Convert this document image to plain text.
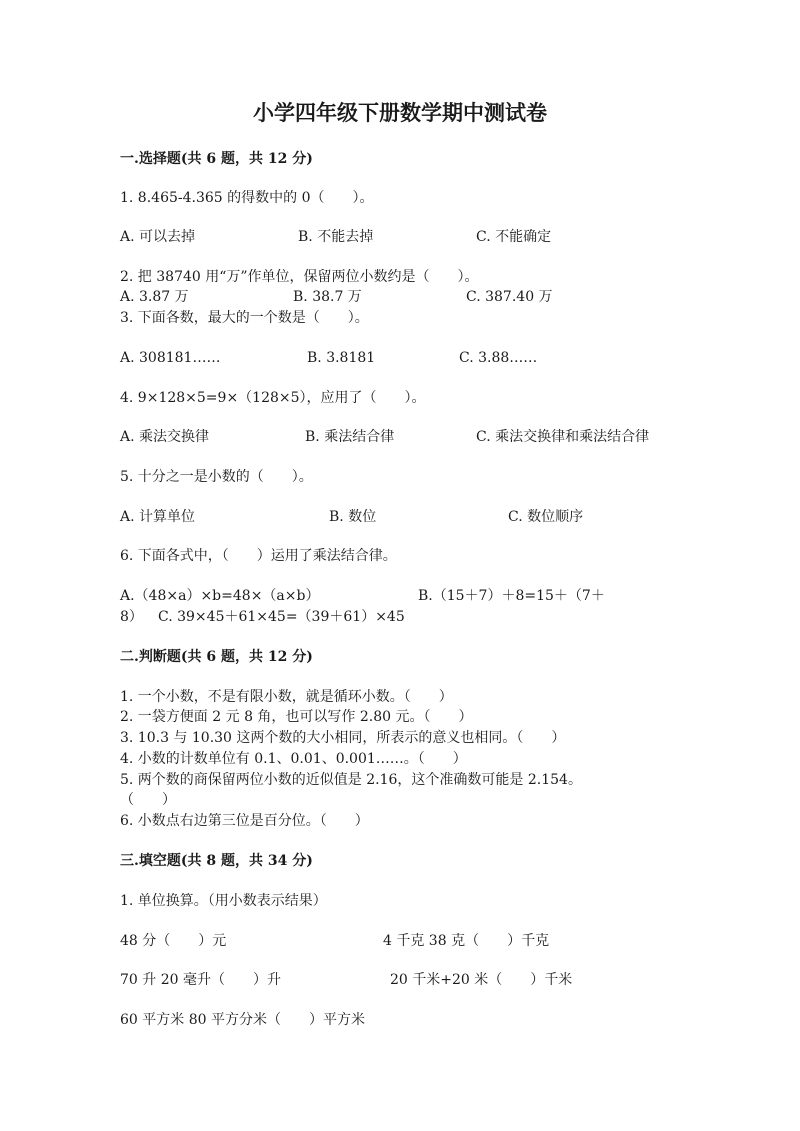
小学四年级下册数学期中测试卷
一.选择题(共 6 题，共 12 分)
1. 8.465-4.365 的得数中的 0（　　）。
A. 可以去掉	B. 不能去掉	C. 不能确定
2. 把 38740 用“万”作单位，保留两位小数约是（　　）。
A. 3.87 万	B. 38.7 万	C. 387.40 万
3. 下面各数，最大的一个数是（　　）。
A. 308181……	B. 3.8181	C. 3.88……
4. 9×128×5=9×（128×5），应用了（　　）。
A. 乘法交换律	B. 乘法结合律	C. 乘法交换律和乘法结合律
5. 十分之一是小数的（　　）。
A. 计算单位	B. 数位	C. 数位顺序
6. 下面各式中，（　　）运用了乘法结合律。
A.（48×a）×b=48×（a×b）	B.（15＋7）＋8=15＋（7＋
8） C. 39×45＋61×45=（39＋61）×45
二.判断题(共 6 题，共 12 分)
1. 一个小数，不是有限小数，就是循环小数。（　　）
2. 一袋方便面 2 元 8 角，也可以写作 2.80 元。（　　）
3. 10.3 与 10.30 这两个数的大小相同，所表示的意义也相同。（　　）
4. 小数的计数单位有 0.1、0.01、0.001……。（　　）
5. 两个数的商保留两位小数的近似值是 2.16，这个准确数可能是 2.154。
（　　）
6. 小数点右边第三位是百分位。（　　）
三.填空题(共 8 题，共 34 分)
1. 单位换算。（用小数表示结果）
48 分（　　）元	4 千克 38 克（　　）千克
70 升 20 毫升（　　）升	20 千米+20 米（　　）千米
60 平方米 80 平方分米（　　）平方米
